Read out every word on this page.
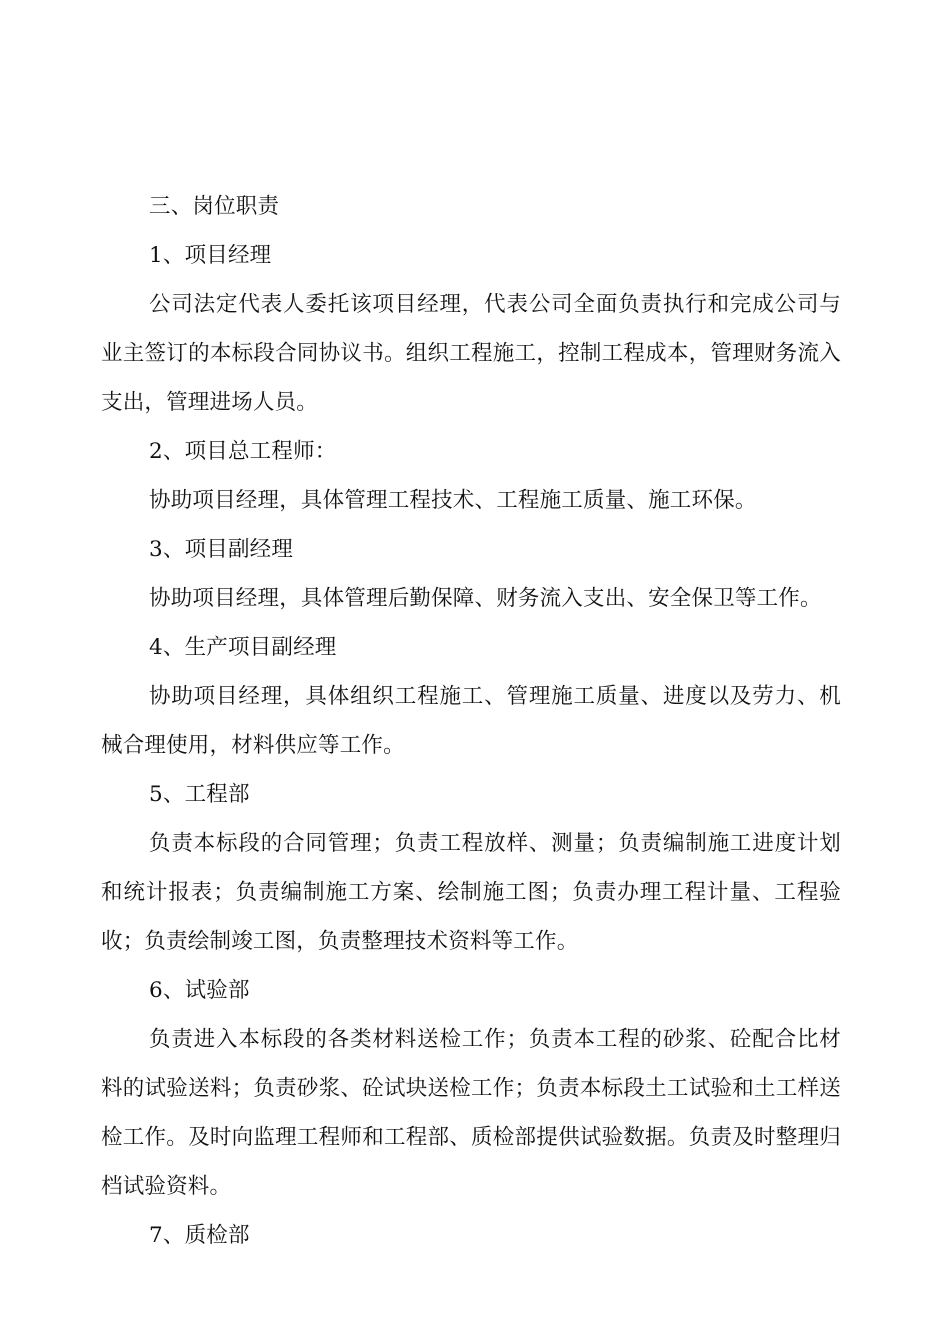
三、岗位职责

1、项目经理

公司法定代表人委托该项目经理，代表公司全面负责执行和完成公司与业主签订的本标段合同协议书。组织工程施工，控制工程成本，管理财务流入支出，管理进场人员。

2、项目总工程师：

协助项目经理，具体管理工程技术、工程施工质量、施工环保。

3、项目副经理

协助项目经理，具体管理后勤保障、财务流入支出、安全保卫等工作。

4、生产项目副经理

协助项目经理，具体组织工程施工、管理施工质量、进度以及劳力、机械合理使用，材料供应等工作。

5、工程部

负责本标段的合同管理；负责工程放样、测量；负责编制施工进度计划和统计报表；负责编制施工方案、绘制施工图；负责办理工程计量、工程验收；负责绘制竣工图，负责整理技术资料等工作。

6、试验部

负责进入本标段的各类材料送检工作；负责本工程的砂浆、砼配合比材料的试验送料；负责砂浆、砼试块送检工作；负责本标段土工试验和土工样送检工作。及时向监理工程师和工程部、质检部提供试验数据。负责及时整理归档试验资料。

7、质检部
